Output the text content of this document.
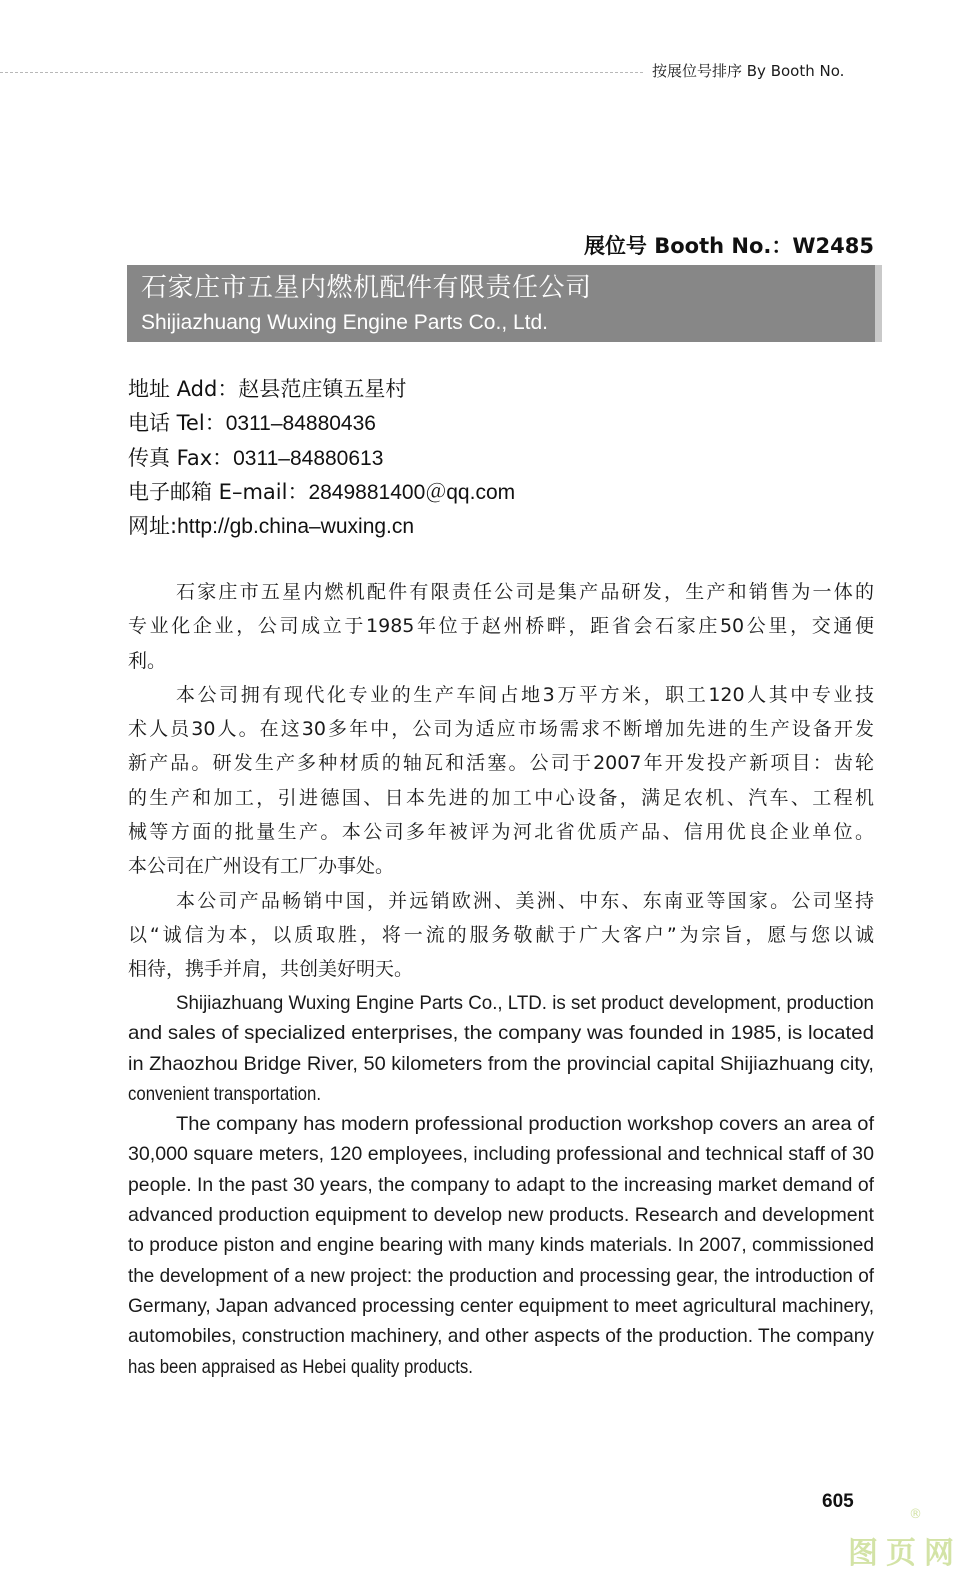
按展位号排序 By Booth No.
展位号 Booth No.：W2485
石家庄市五星内燃机配件有限责任公司
Shijiazhuang Wuxing Engine Parts Co., Ltd.
地址 Add：赵县范庄镇五星村
电话 Tel：0311–84880436
传真 Fax：0311–84880613
电子邮箱 E–mail：2849881400＠qq.com
网址:http://gb.china–wuxing.cn
石家庄市五星内燃机配件有限责任公司是集产品研发，生产和销售为一体的
专业化企业，公司成立于1985年位于赵州桥畔，距省会石家庄50公里，交通便
利。
本公司拥有现代化专业的生产车间占地3万平方米，职工120人其中专业技
术人员30人。在这30多年中，公司为适应市场需求不断增加先进的生产设备开发
新产品。研发生产多种材质的轴瓦和活塞。公司于2007年开发投产新项目：齿轮
的生产和加工，引进德国、日本先进的加工中心设备，满足农机、汽车、工程机
械等方面的批量生产。本公司多年被评为河北省优质产品、信用优良企业单位。
本公司在广州设有工厂办事处。
本公司产品畅销中国，并远销欧洲、美洲、中东、东南亚等国家。公司坚持
以“诚信为本，以质取胜，将一流的服务敬献于广大客户”为宗旨，愿与您以诚
相待，携手并肩，共创美好明天。
Shijiazhuang Wuxing Engine Parts Co., LTD. is set product development, production
and sales of specialized enterprises, the company was founded in 1985, is located
in Zhaozhou Bridge River, 50 kilometers from the provincial capital Shijiazhuang city,
convenient transportation.
The company has modern professional production workshop covers an area of
30,000 square meters, 120 employees, including professional and technical staff of 30
people. In the past 30 years, the company to adapt to the increasing market demand of
advanced production equipment to develop new products. Research and development
to produce piston and engine bearing with many kinds materials. In 2007, commissioned
the development of a new project: the production and processing gear, the introduction of
Germany, Japan advanced processing center equipment to meet agricultural machinery,
automobiles, construction machinery, and other aspects of the production. The company
has been appraised as Hebei quality products.
605
图页网
®
